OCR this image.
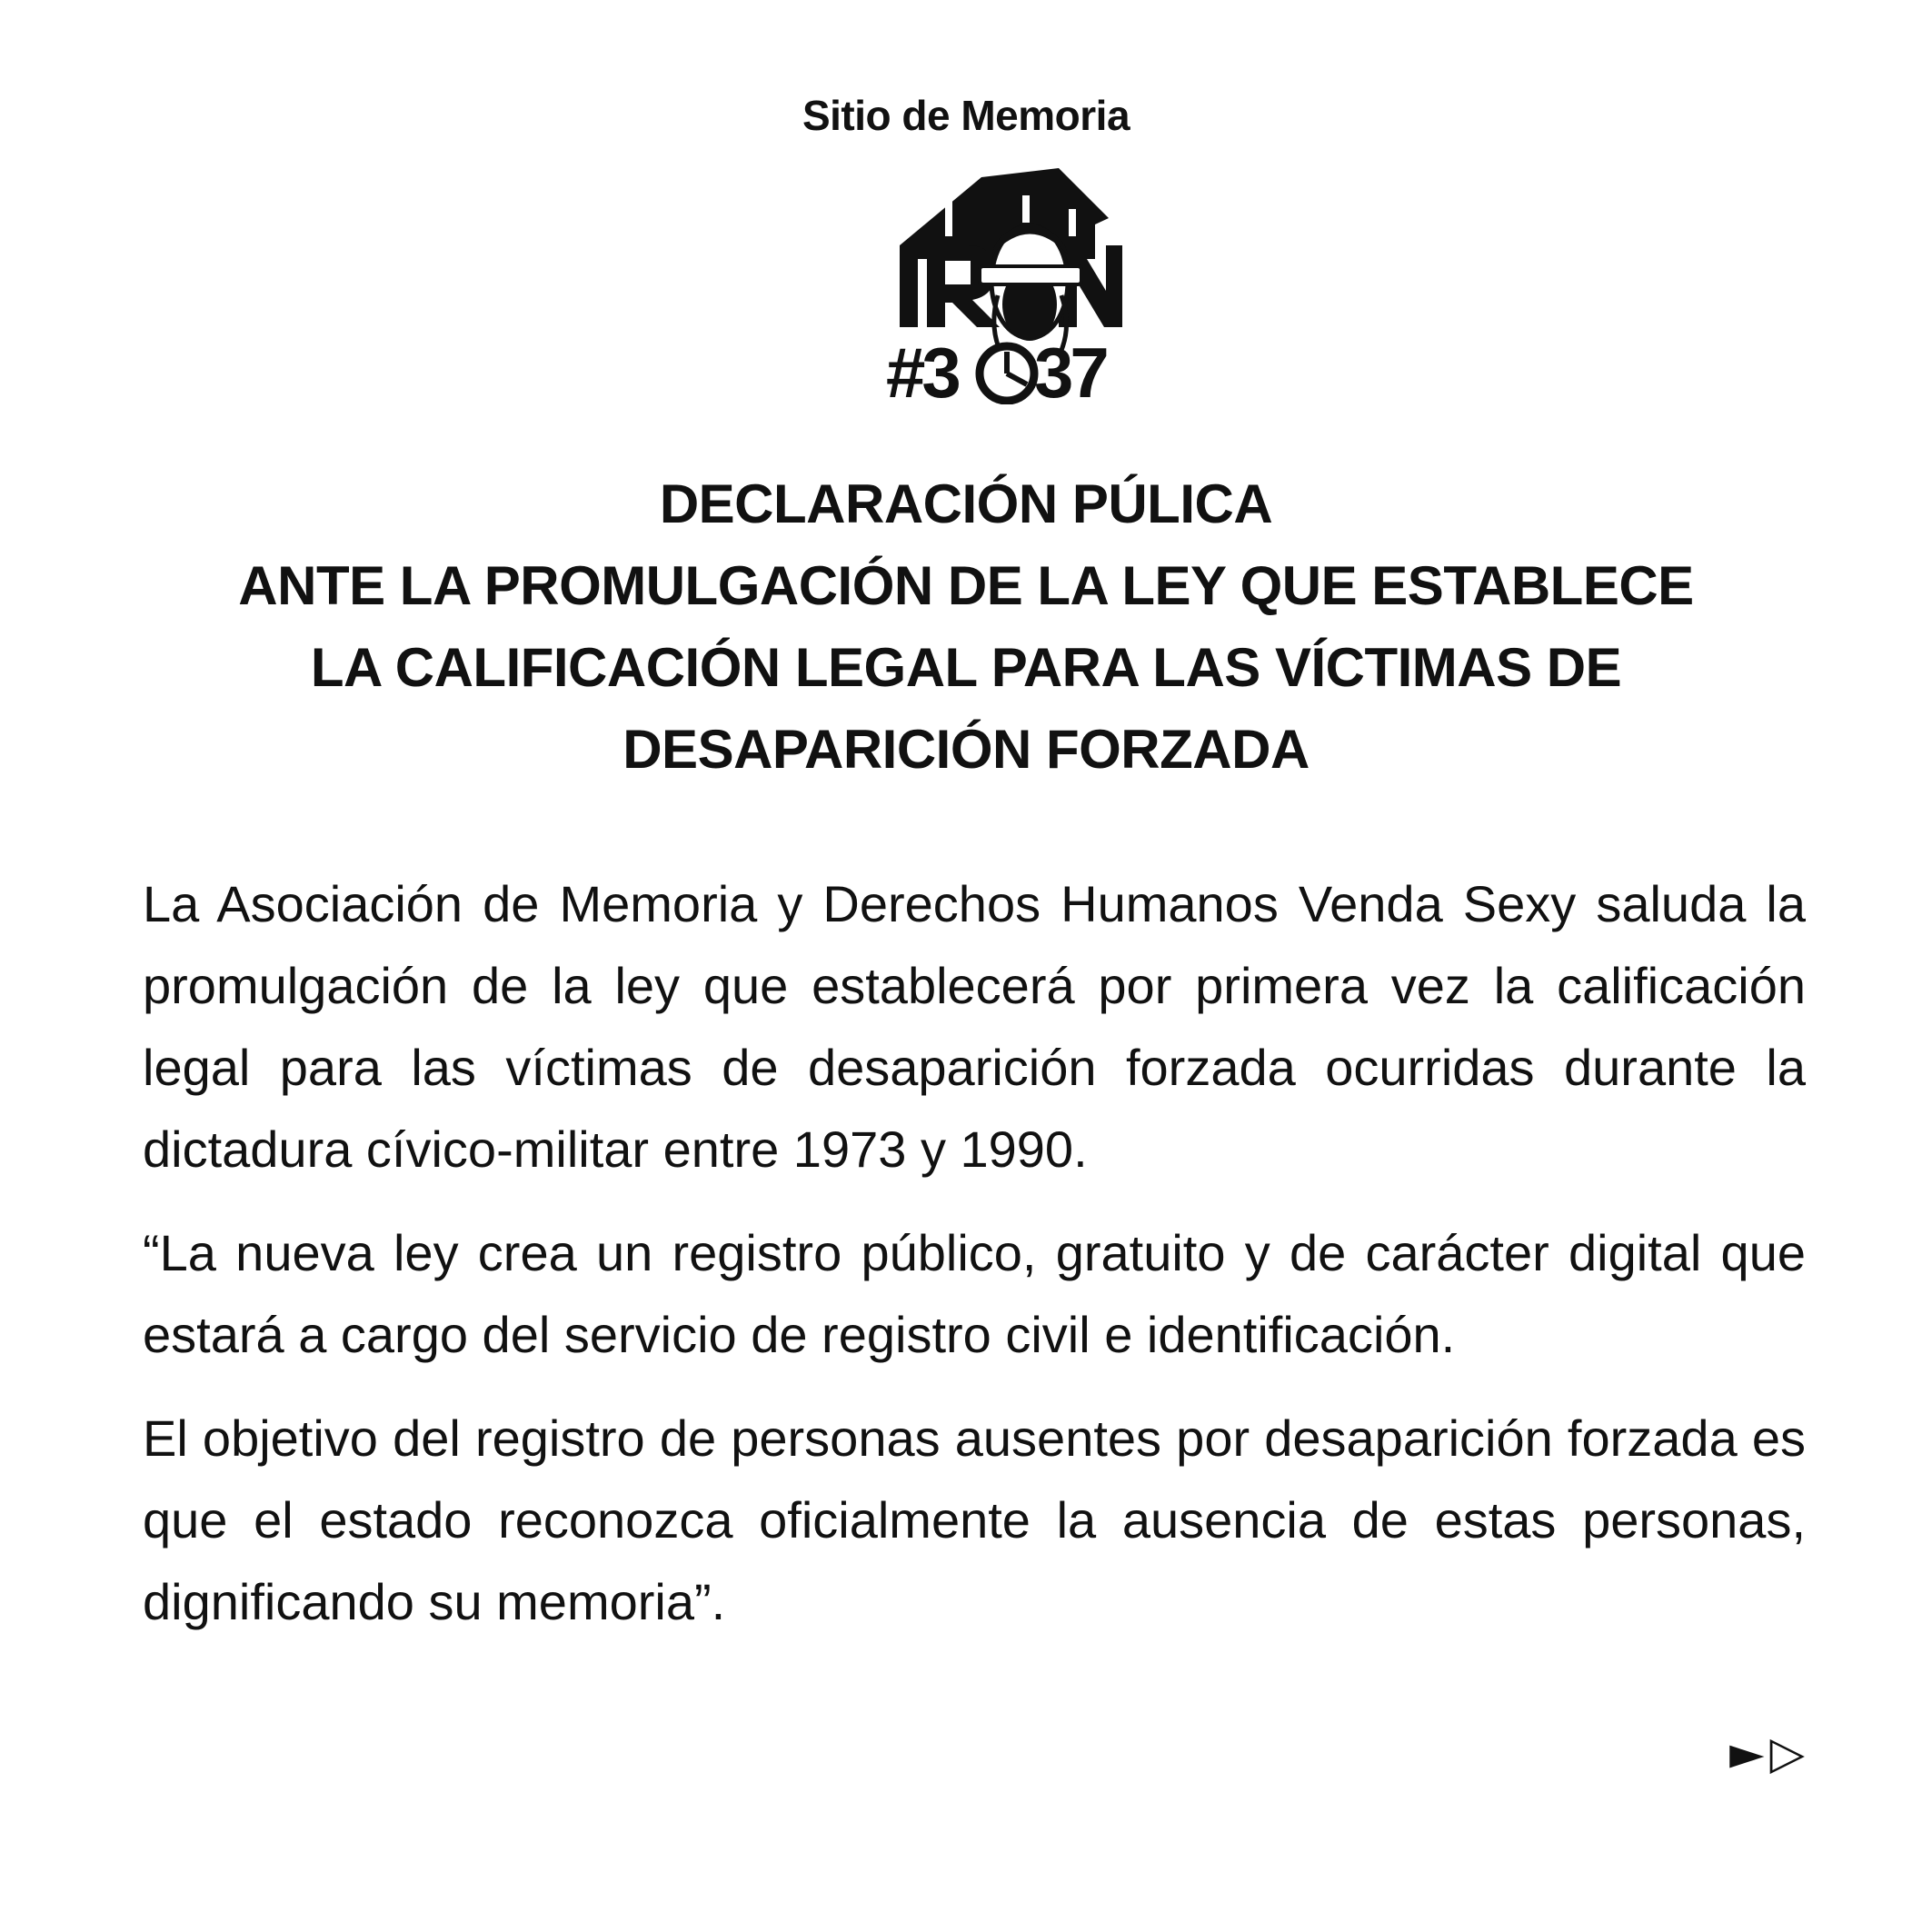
Sitio de Memoria
#3 37
DECLARACIÓN PÚLICA
ANTE LA PROMULGACIÓN DE LA LEY QUE ESTABLECE
LA CALIFICACIÓN LEGAL PARA LAS VÍCTIMAS DE
DESAPARICIÓN FORZADA

La Asociación de Memoria y Derechos Humanos Venda Sexy saluda la promulgación de la ley que establecerá por primera vez la calificación legal para las víctimas de desaparición forzada ocurridas durante la dictadura cívico-militar entre 1973 y 1990.

“La nueva ley crea un registro público, gratuito y de carácter digital que estará a cargo del servicio de registro civil e identificación.

El objetivo del registro de personas ausentes por desaparición forzada es que el estado reconozca oficialmente la ausencia de estas personas, dignificando su memoria”.

► ▷
